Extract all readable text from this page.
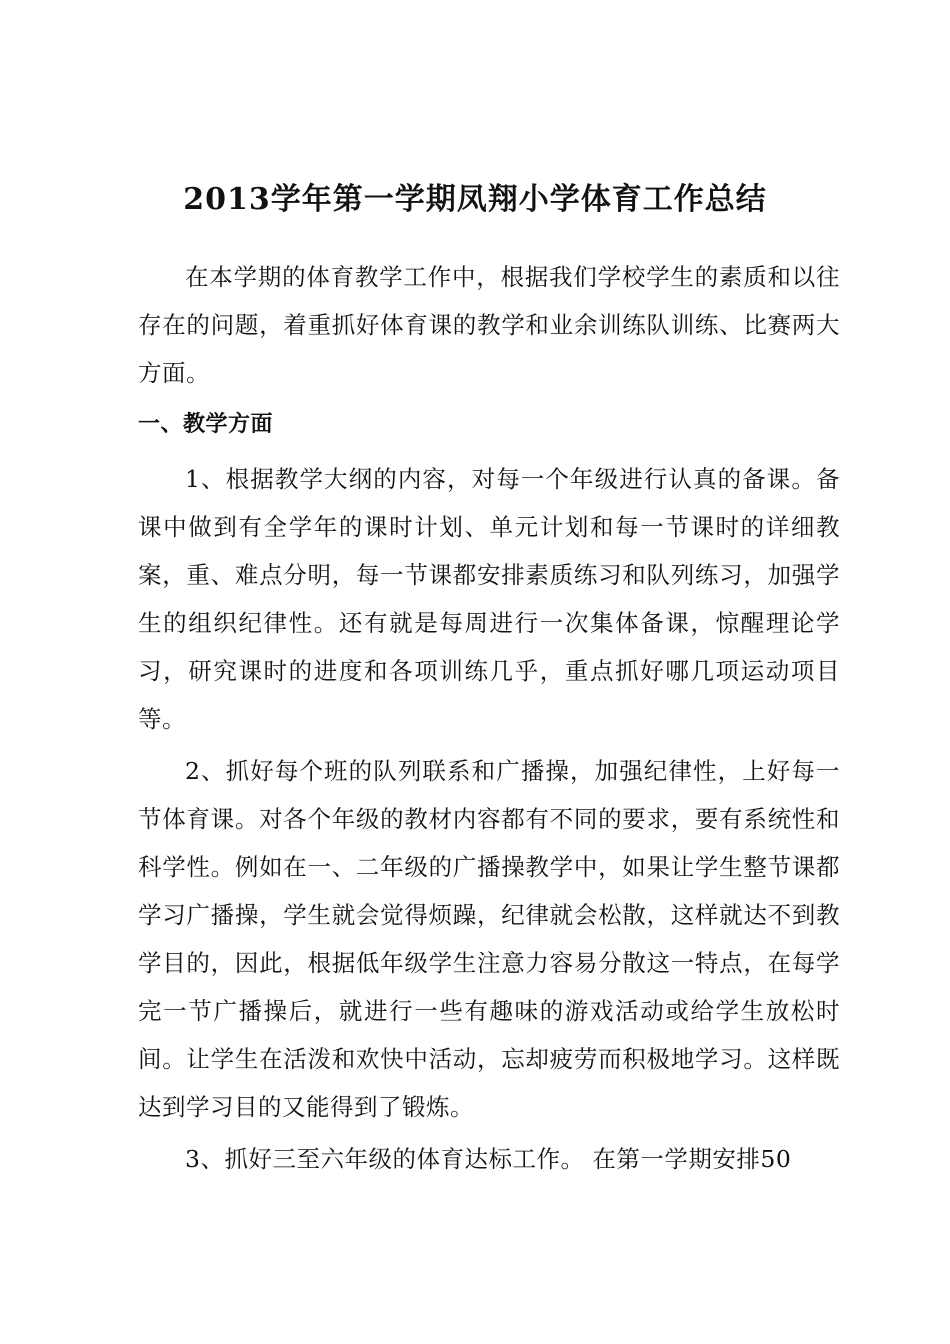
2013学年第一学期凤翔小学体育工作总结

在本学期的体育教学工作中，根据我们学校学生的素质和以往存在的问题，着重抓好体育课的教学和业余训练队训练、比赛两大方面。

一、教学方面

1、根据教学大纲的内容，对每一个年级进行认真的备课。备课中做到有全学年的课时计划、单元计划和每一节课时的详细教案，重、难点分明，每一节课都安排素质练习和队列练习，加强学生的组织纪律性。还有就是每周进行一次集体备课，惊醒理论学习，研究课时的进度和各项训练几乎，重点抓好哪几项运动项目等。

2、抓好每个班的队列联系和广播操，加强纪律性，上好每一节体育课。对各个年级的教材内容都有不同的要求，要有系统性和科学性。例如在一、二年级的广播操教学中，如果让学生整节课都学习广播操，学生就会觉得烦躁，纪律就会松散，这样就达不到教学目的，因此，根据低年级学生注意力容易分散这一特点，在每学完一节广播操后，就进行一些有趣味的游戏活动或给学生放松时间。让学生在活泼和欢快中活动，忘却疲劳而积极地学习。这样既达到学习目的又能得到了锻炼。

3、抓好三至六年级的体育达标工作。 在第一学期安排50
